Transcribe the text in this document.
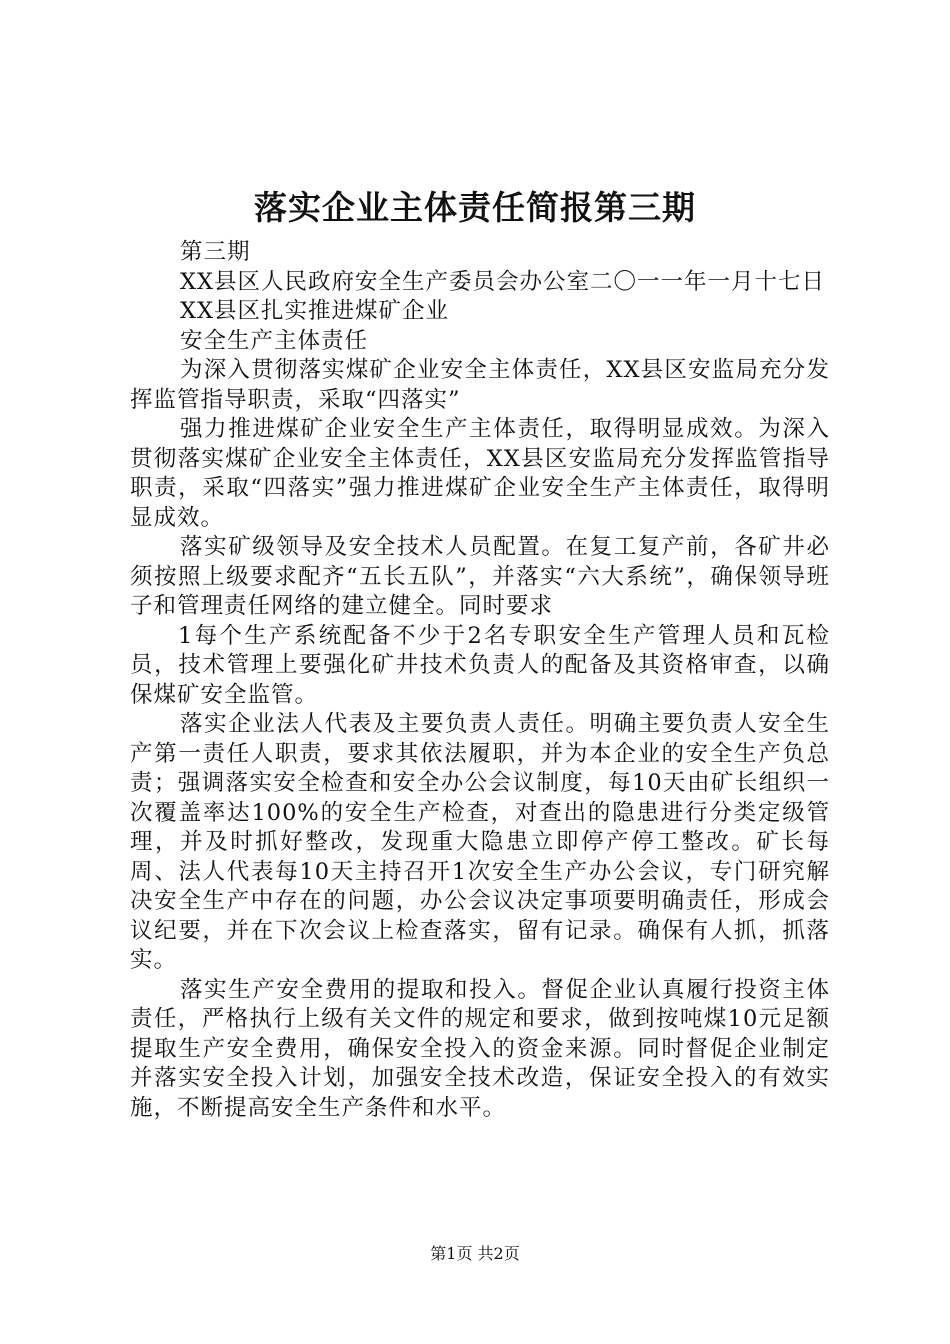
落实企业主体责任简报第三期

第三期

XX县区人民政府安全生产委员会办公室二〇一一年一月十七日

XX县区扎实推进煤矿企业

安全生产主体责任

为深入贯彻落实煤矿企业安全主体责任，XX县区安监局充分发挥监管指导职责，采取“四落实”

强力推进煤矿企业安全生产主体责任，取得明显成效。为深入贯彻落实煤矿企业安全主体责任，XX县区安监局充分发挥监管指导职责，采取“四落实”强力推进煤矿企业安全生产主体责任，取得明显成效。

落实矿级领导及安全技术人员配置。在复工复产前，各矿井必须按照上级要求配齐“五长五队”，并落实“六大系统”，确保领导班子和管理责任网络的建立健全。同时要求

1每个生产系统配备不少于2名专职安全生产管理人员和瓦检员，技术管理上要强化矿井技术负责人的配备及其资格审查，以确保煤矿安全监管。

落实企业法人代表及主要负责人责任。明确主要负责人安全生产第一责任人职责，要求其依法履职，并为本企业的安全生产负总责；强调落实安全检查和安全办公会议制度，每10天由矿长组织一次覆盖率达100%的安全生产检查，对查出的隐患进行分类定级管理，并及时抓好整改，发现重大隐患立即停产停工整改。矿长每周、法人代表每10天主持召开1次安全生产办公会议，专门研究解决安全生产中存在的问题，办公会议决定事项要明确责任，形成会议纪要，并在下次会议上检查落实，留有记录。确保有人抓，抓落实。

落实生产安全费用的提取和投入。督促企业认真履行投资主体责任，严格执行上级有关文件的规定和要求，做到按吨煤10元足额提取生产安全费用，确保安全投入的资金来源。同时督促企业制定并落实安全投入计划，加强安全技术改造，保证安全投入的有效实施，不断提高安全生产条件和水平。

第1页 共2页
